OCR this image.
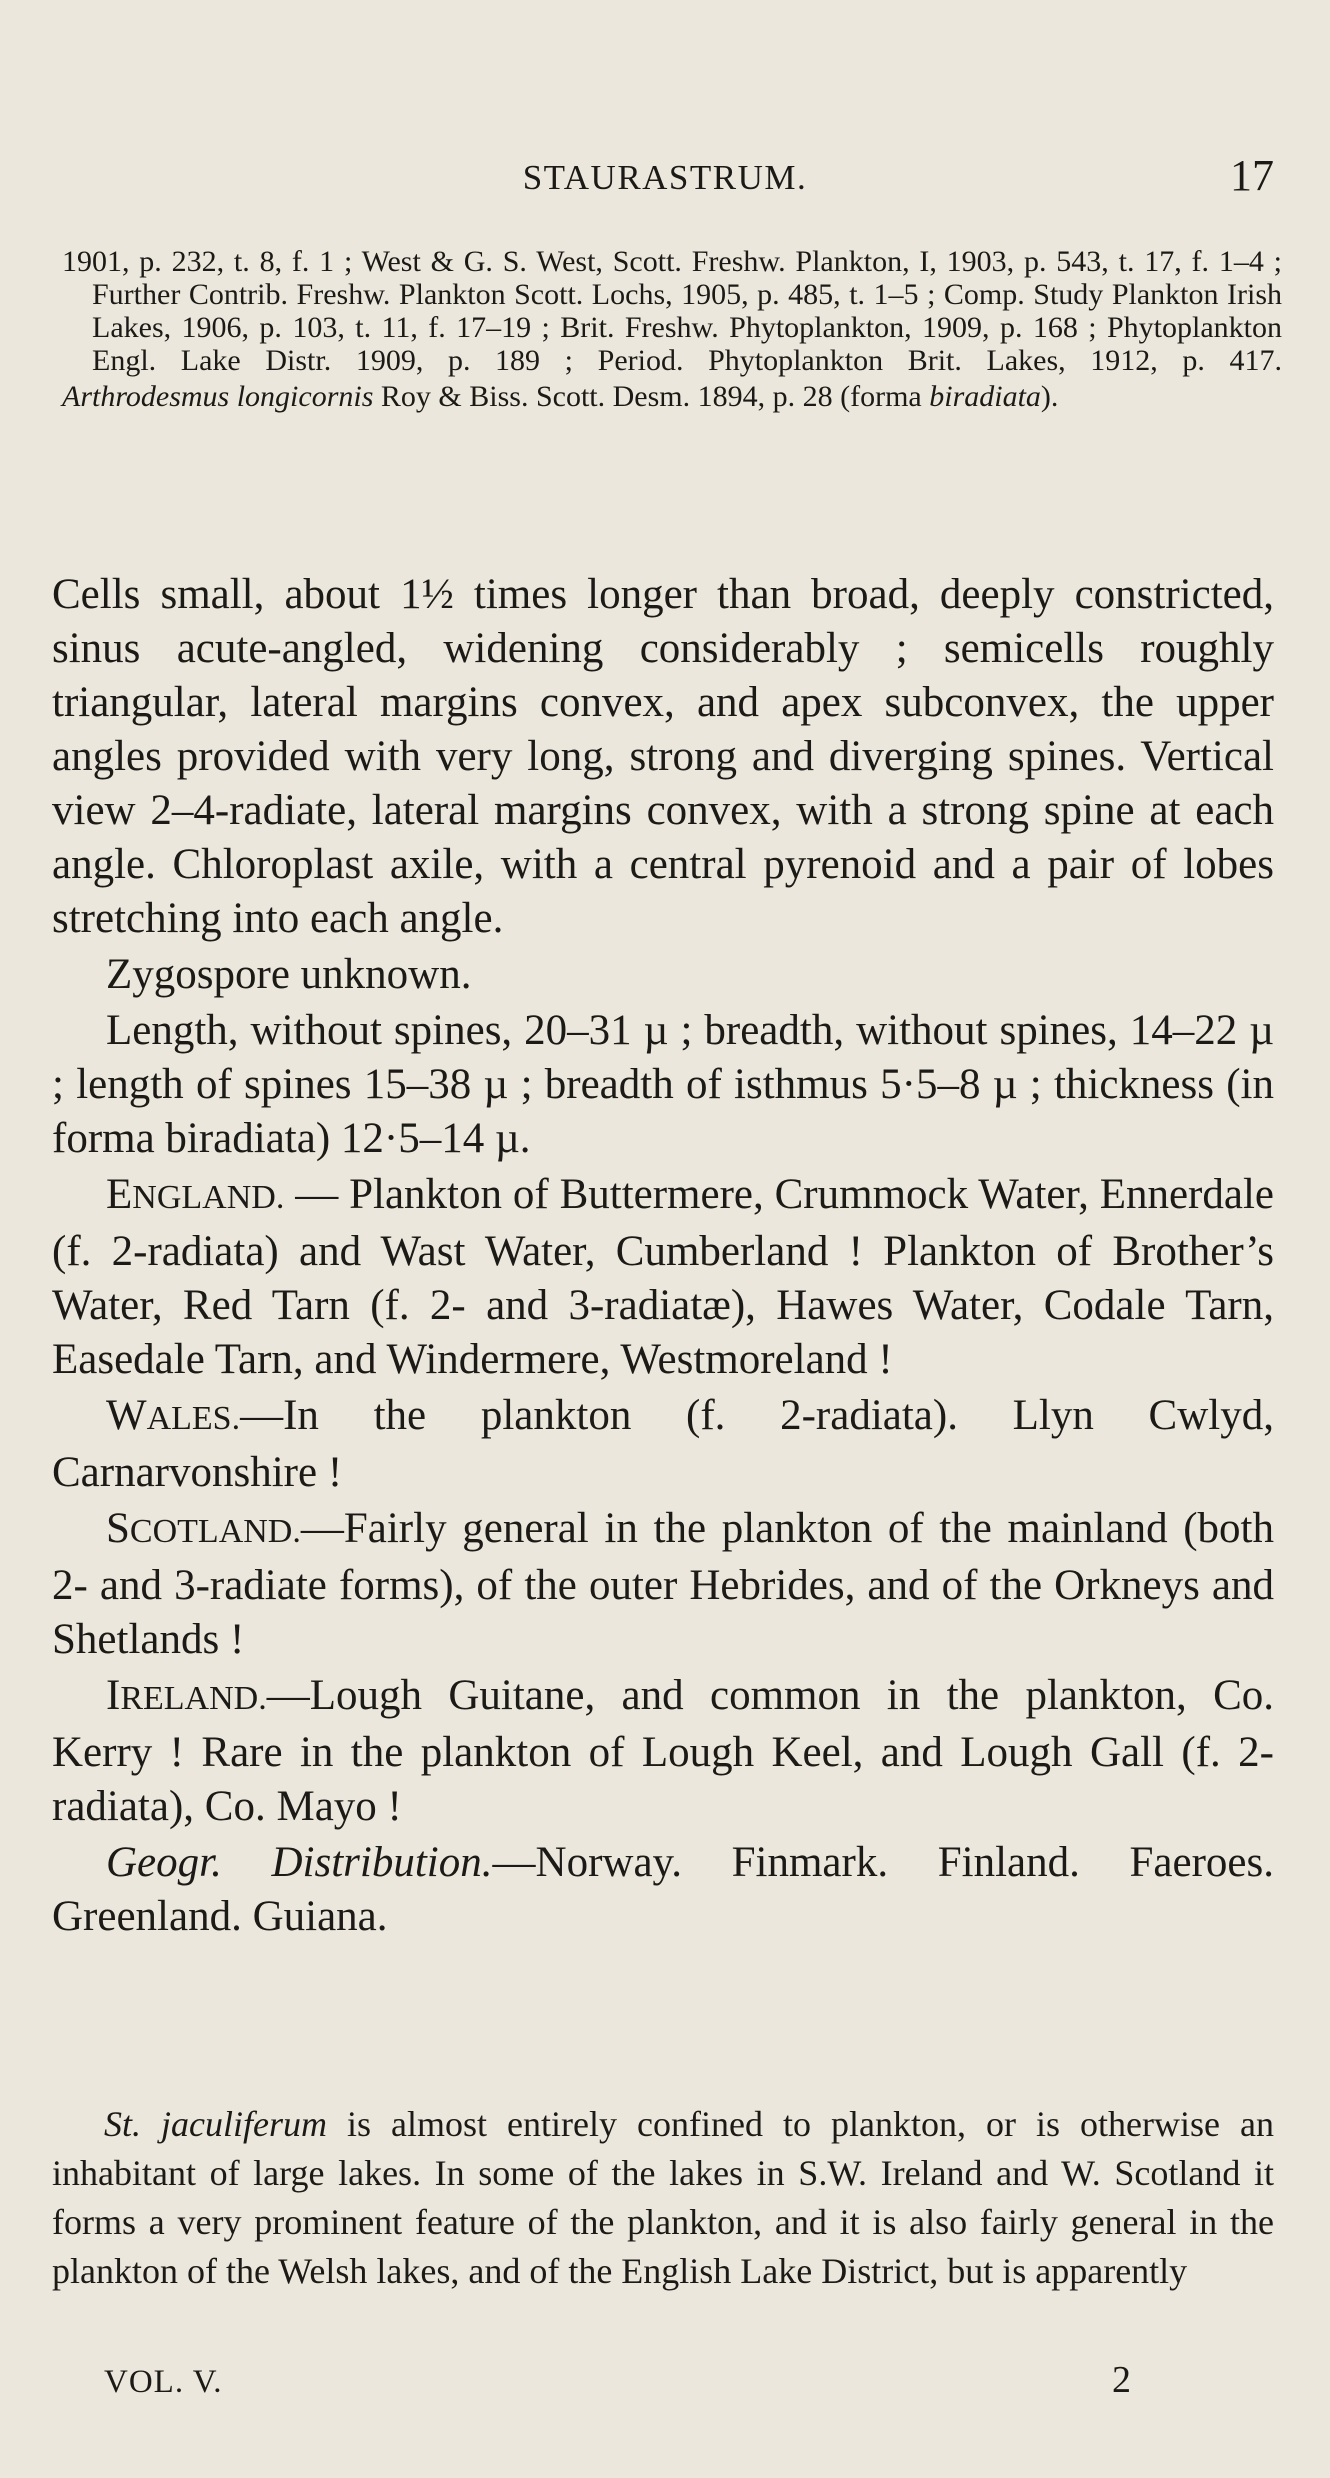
STAURASTRUM.	17
1901, p. 232, t. 8, f. 1 ; West & G. S. West, Scott. Freshw. Plankton, I, 1903, p. 543, t. 17, f. 1–4 ; Further Contrib. Freshw. Plankton Scott. Lochs, 1905, p. 485, t. 1–5 ; Comp. Study Plankton Irish Lakes, 1906, p. 103, t. 11, f. 17–19 ; Brit. Freshw. Phytoplankton, 1909, p. 168 ; Phytoplankton Engl. Lake Distr. 1909, p. 189 ; Period. Phytoplankton Brit. Lakes, 1912, p. 417.
Arthrodesmus longicornis Roy & Biss. Scott. Desm. 1894, p. 28 (forma biradiata).

Cells small, about 1½ times longer than broad, deeply constricted, sinus acute-angled, widening considerably ; semicells roughly triangular, lateral margins convex, and apex subconvex, the upper angles provided with very long, strong and diverging spines. Vertical view 2–4-radiate, lateral margins convex, with a strong spine at each angle. Chloroplast axile, with a central pyrenoid and a pair of lobes stretching into each angle.

Zygospore unknown.

Length, without spines, 20–31 µ ; breadth, without spines, 14–22 µ ; length of spines 15–38 µ ; breadth of isthmus 5·5–8 µ ; thickness (in forma biradiata) 12·5–14 µ.

ENGLAND. — Plankton of Buttermere, Crummock Water, Ennerdale (f. 2-radiata) and Wast Water, Cumberland ! Plankton of Brother’s Water, Red Tarn (f. 2- and 3-radiatæ), Hawes Water, Codale Tarn, Easedale Tarn, and Windermere, Westmoreland !

WALES.—In the plankton (f. 2-radiata). Llyn Cwlyd, Carnarvonshire !

SCOTLAND.—Fairly general in the plankton of the mainland (both 2- and 3-radiate forms), of the outer Hebrides, and of the Orkneys and Shetlands !

IRELAND.—Lough Guitane, and common in the plankton, Co. Kerry ! Rare in the plankton of Lough Keel, and Lough Gall (f. 2-radiata), Co. Mayo !

Geogr. Distribution.—Norway. Finmark. Finland. Faeroes. Greenland. Guiana.

St. jaculiferum is almost entirely confined to plankton, or is otherwise an inhabitant of large lakes. In some of the lakes in S.W. Ireland and W. Scotland it forms a very prominent feature of the plankton, and it is also fairly general in the plankton of the Welsh lakes, and of the English Lake District, but is apparently

VOL. V.	2
